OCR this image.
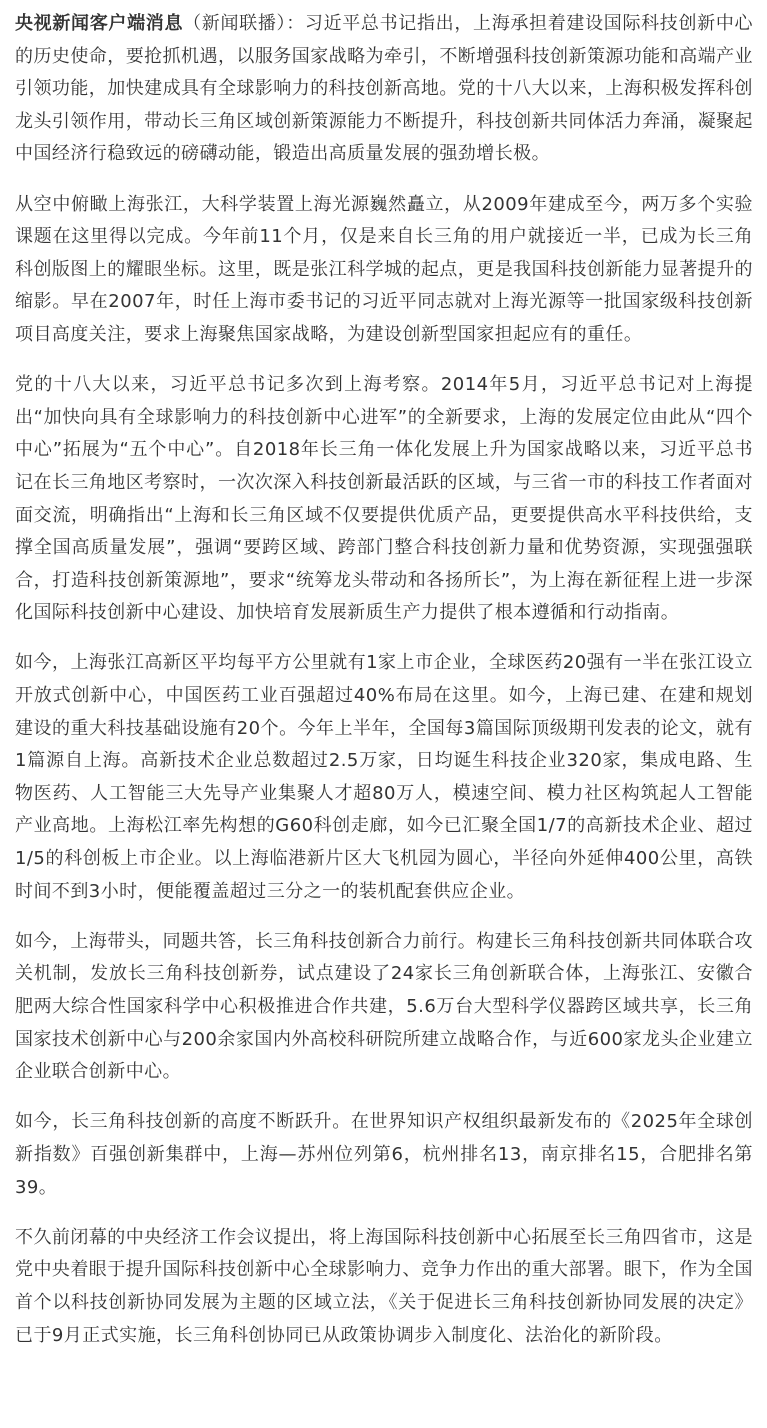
央视新闻客户端消息（新闻联播）：习近平总书记指出，上海承担着建设国际科技创新中心的历史使命，要抢抓机遇，以服务国家战略为牵引，不断增强科技创新策源功能和高端产业引领功能，加快建成具有全球影响力的科技创新高地。党的十八大以来，上海积极发挥科创龙头引领作用，带动长三角区域创新策源能力不断提升，科技创新共同体活力奔涌，凝聚起中国经济行稳致远的磅礴动能，锻造出高质量发展的强劲增长极。

从空中俯瞰上海张江，大科学装置上海光源巍然矗立，从2009年建成至今，两万多个实验课题在这里得以完成。今年前11个月，仅是来自长三角的用户就接近一半，已成为长三角科创版图上的耀眼坐标。这里，既是张江科学城的起点，更是我国科技创新能力显著提升的缩影。早在2007年，时任上海市委书记的习近平同志就对上海光源等一批国家级科技创新项目高度关注，要求上海聚焦国家战略，为建设创新型国家担起应有的重任。

党的十八大以来，习近平总书记多次到上海考察。2014年5月，习近平总书记对上海提出“加快向具有全球影响力的科技创新中心进军”的全新要求，上海的发展定位由此从“四个中心”拓展为“五个中心”。自2018年长三角一体化发展上升为国家战略以来，习近平总书记在长三角地区考察时，一次次深入科技创新最活跃的区域，与三省一市的科技工作者面对面交流，明确指出“上海和长三角区域不仅要提供优质产品，更要提供高水平科技供给，支撑全国高质量发展”，强调“要跨区域、跨部门整合科技创新力量和优势资源，实现强强联合，打造科技创新策源地”，要求“统筹龙头带动和各扬所长”，为上海在新征程上进一步深化国际科技创新中心建设、加快培育发展新质生产力提供了根本遵循和行动指南。

如今，上海张江高新区平均每平方公里就有1家上市企业，全球医药20强有一半在张江设立开放式创新中心，中国医药工业百强超过40%布局在这里。如今，上海已建、在建和规划建设的重大科技基础设施有20个。今年上半年，全国每3篇国际顶级期刊发表的论文，就有1篇源自上海。高新技术企业总数超过2.5万家，日均诞生科技企业320家，集成电路、生物医药、人工智能三大先导产业集聚人才超80万人，模速空间、模力社区构筑起人工智能产业高地。上海松江率先构想的G60科创走廊，如今已汇聚全国1/7的高新技术企业、超过1/5的科创板上市企业。以上海临港新片区大飞机园为圆心，半径向外延伸400公里，高铁时间不到3小时，便能覆盖超过三分之一的装机配套供应企业。

如今，上海带头，同题共答，长三角科技创新合力前行。构建长三角科技创新共同体联合攻关机制，发放长三角科技创新券，试点建设了24家长三角创新联合体，上海张江、安徽合肥两大综合性国家科学中心积极推进合作共建，5.6万台大型科学仪器跨区域共享，长三角国家技术创新中心与200余家国内外高校科研院所建立战略合作，与近600家龙头企业建立企业联合创新中心。

如今，长三角科技创新的高度不断跃升。在世界知识产权组织最新发布的《2025年全球创新指数》百强创新集群中，上海—苏州位列第6，杭州排名13，南京排名15，合肥排名第39。

不久前闭幕的中央经济工作会议提出，将上海国际科技创新中心拓展至长三角四省市，这是党中央着眼于提升国际科技创新中心全球影响力、竞争力作出的重大部署。眼下，作为全国首个以科技创新协同发展为主题的区域立法，《关于促进长三角科技创新协同发展的决定》已于9月正式实施，长三角科创协同已从政策协调步入制度化、法治化的新阶段。
